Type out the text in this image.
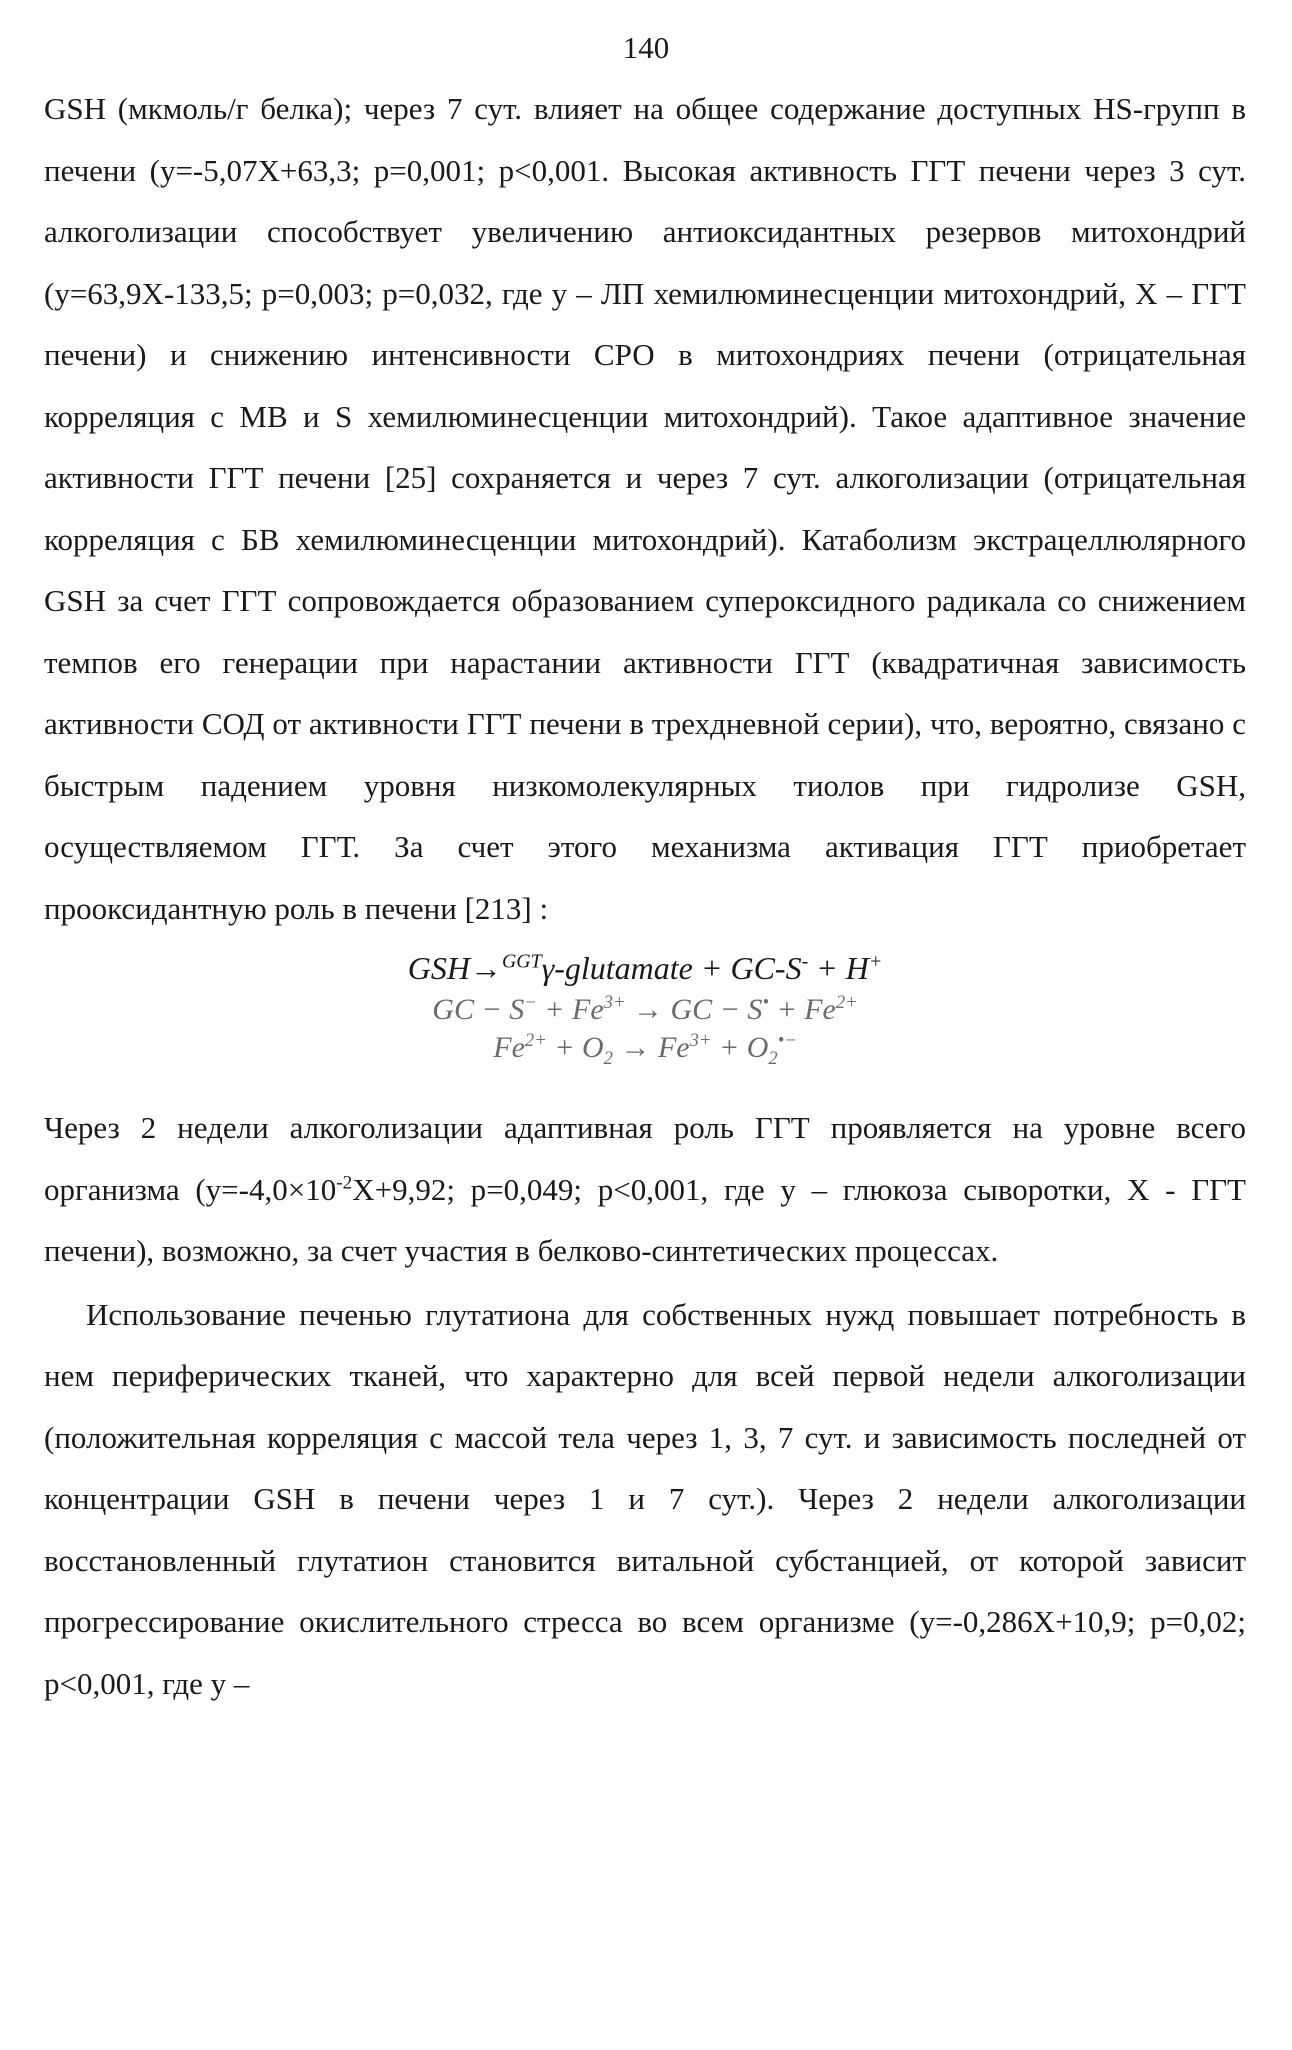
140

GSH (мкмоль/г белка); через 7 сут. влияет на общее содержание доступных HS-групп в печени (y=-5,07X+63,3; p=0,001; p<0,001. Высокая активность ГГТ печени через 3 сут. алкоголизации способствует увеличению антиоксидантных резервов митохондрий (y=63,9X-133,5; p=0,003; p=0,032, где y – ЛП хемилюминесценции митохондрий, X – ГГТ печени) и снижению интенсивности СРО в митохондриях печени (отрицательная корреляция с МВ и S хемилюминесценции митохондрий). Такое адаптивное значение активности ГГТ печени [25] сохраняется и через 7 сут. алкоголизации (отрицательная корреляция с БВ хемилюминесценции митохондрий). Катаболизм экстрацеллюлярного GSH за счет ГГТ сопровождается образованием супероксидного радикала со снижением темпов его генерации при нарастании активности ГГТ (квадратичная зависимость активности СОД от активности ГГТ печени в трехдневной серии), что, вероятно, связано с быстрым падением уровня низкомолекулярных тиолов при гидролизе GSH, осуществляемом ГГТ. За счет этого механизма активация ГГТ приобретает прооксидантную роль в печени [213] :

GSH→$^{GGT}$γ-glutamate + GC-S- + H+
GC − $S^- + Fe^{3+}$ → GC − $S^• + Fe^{2+}$
$Fe^{2+} + O_2 \to Fe^{3+} + O_2^{•-}$

Через 2 недели алкоголизации адаптивная роль ГГТ проявляется на уровне всего организма ($y=-4,0\times 10^{-2}X+9,92$; p=0,049; p<0,001, где y – глюкоза сыворотки, X - ГГТ печени), возможно, за счет участия в белково-синтетических процессах.

Использование печенью глутатиона для собственных нужд повышает потребность в нем периферических тканей, что характерно для всей первой недели алкоголизации (положительная корреляция с массой тела через 1, 3, 7 сут. и зависимость последней от концентрации GSH в печени через 1 и 7 сут.). Через 2 недели алкоголизации восстановленный глутатион становится витальной субстанцией, от которой зависит прогрессирование окислительного стресса во всем организме (y=-0,286X+10,9; p=0,02; p<0,001, где y –
